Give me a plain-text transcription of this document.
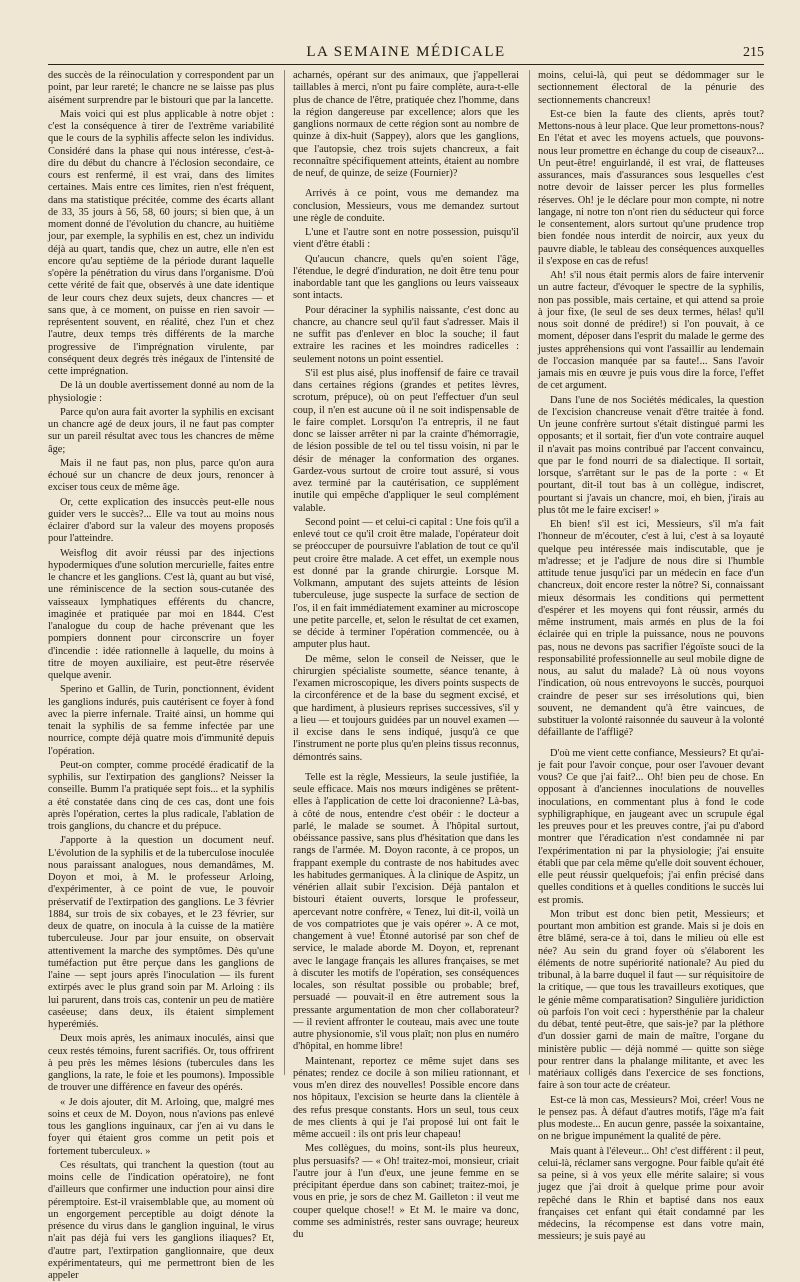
LA SEMAINE MÉDICALE	215

des succès de la réinoculation y correspondent par un point, par leur rareté; le chancre ne se laisse pas plus aisément surprendre par le bistouri que par la lancette.

Mais voici qui est plus applicable à notre objet : c'est la conséquence à tirer de l'extrême variabilité que le cours de la syphilis affecte selon les individus. Considéré dans la phase qui nous intéresse, c'est-à-dire du début du chancre à l'éclosion secondaire, ce cours est renfermé, il est vrai, dans des limites certaines. Mais entre ces limites, rien n'est fréquent, dans ma statistique précitée, comme des écarts allant de 33, 35 jours à 56, 58, 60 jours; si bien que, à un moment donné de l'évolution du chancre, au huitième jour, par exemple, la syphilis en est, chez un individu déjà au quart, tandis que, chez un autre, elle n'en est encore qu'au septième de la période durant laquelle s'opère la pénétration du virus dans l'organisme. D'où cette vérité de fait que, observés à une date identique de leur cours chez deux sujets, deux chancres — et sans que, à ce moment, on puisse en rien savoir — représentent souvent, en réalité, chez l'un et chez l'autre, deux temps très différents de la marche progressive de l'imprégnation virulente, par conséquent deux degrés très inégaux de l'intensité de cette imprégnation.

De là un double avertissement donné au nom de la physiologie :

Parce qu'on aura fait avorter la syphilis en excisant un chancre agé de deux jours, il ne faut pas compter sur un pareil résultat avec tous les chancres de même âge;

Mais il ne faut pas, non plus, parce qu'on aura échoué sur un chancre de deux jours, renoncer à exciser tous ceux de même âge.

Or, cette explication des insuccès peut-elle nous guider vers le succès?... Elle va tout au moins nous éclairer d'abord sur la valeur des moyens proposés pour l'atteindre.

Weisflog dit avoir réussi par des injections hypodermiques d'une solution mercurielle, faites entre le chancre et les ganglions. C'est là, quant au but visé, une réminiscence de la section sous-cutanée des vaisseaux lymphatiques efférents du chancre, imaginée et pratiquée par moi en 1844. C'est l'analogue du coup de hache prévenant que les pompiers donnent pour circonscrire un foyer d'incendie : idée rationnelle à laquelle, du moins à titre de moyen auxiliaire, est peut-être réservée quelque avenir.

Sperino et Gallin, de Turin, ponctionnent, évident les ganglions indurés, puis cautérisent ce foyer à fond avec la pierre infernale. Traité ainsi, un homme qui tenait la syphilis de sa femme infectée par une nourrice, compte déjà quatre mois d'immunité depuis l'opération.

Peut-on compter, comme procédé éradicatif de la syphilis, sur l'extirpation des ganglions? Neisser la conseille. Bumm l'a pratiquée sept fois... et la syphilis a été constatée dans cinq de ces cas, dont une fois après l'opération, certes la plus radicale, l'ablation de trois ganglions, du chancre et du prépuce.

J'apporte à la question un document neuf. L'évolution de la syphilis et de la tuberculose inoculée nous paraissant analogues, nous demandâmes, M. Doyon et moi, à M. le professeur Arloing, d'expérimenter, à ce point de vue, le pouvoir préservatif de l'extirpation des ganglions. Le 3 février 1884, sur trois de six cobayes, et le 23 février, sur deux de quatre, on inocula à la cuisse de la matière tuberculeuse. Jour par jour ensuite, on observait attentivement la marche des symptômes. Dès qu'une tuméfaction put être perçue dans les ganglions de l'aine — sept jours après l'inoculation — ils furent extirpés avec le plus grand soin par M. Arloing : ils lui parurent, dans trois cas, contenir un peu de matière caséeuse; dans deux, ils étaient simplement hyperémiés.

Deux mois après, les animaux inoculés, ainsi que ceux restés témoins, furent sacrifiés. Or, tous offrirent à peu près les mêmes lésions (tubercules dans les ganglions, la rate, le foie et les poumons). Impossible de trouver une différence en faveur des opérés.

« Je dois ajouter, dit M. Arloing, que, malgré mes soins et ceux de M. Doyon, nous n'avions pas enlevé tous les ganglions inguinaux, car j'en ai vu dans le foyer qui étaient gros comme un petit pois et fortement tuberculeux. »

Ces résultats, qui tranchent la question (tout au moins celle de l'indication opératoire), ne font d'ailleurs que confirmer une induction pour ainsi dire péremptoire. Est-il vraisemblable que, au moment où un engorgement perceptible au doigt dénote la présence du virus dans le ganglion inguinal, le virus n'ait pas déjà fui vers les ganglions iliaques? Et, d'autre part, l'extirpation ganglionnaire, que deux expérimentateurs, qui me permettront bien de les appeler

acharnés, opérant sur des animaux, que j'appellerai taillables à merci, n'ont pu faire complète, aura-t-elle plus de chance de l'être, pratiquée chez l'homme, dans la région dangereuse par excellence; alors que les ganglions normaux de cette région sont au nombre de quinze à dix-huit (Sappey), alors que les ganglions, que l'autopsie, chez trois sujets chancreux, a fait reconnaître spécifiquement atteints, étaient au nombre de neuf, de quinze, de seize (Fournier)?

Arrivés à ce point, vous me demandez ma conclusion, Messieurs, vous me demandez surtout une règle de conduite.

L'une et l'autre sont en notre possession, puisqu'il vient d'être établi :

Qu'aucun chancre, quels qu'en soient l'âge, l'étendue, le degré d'induration, ne doit être tenu pour inabordable tant que les ganglions ou leurs vaisseaux sont intacts.

Pour déraciner la syphilis naissante, c'est donc au chancre, au chancre seul qu'il faut s'adresser. Mais il ne suffit pas d'enlever en bloc la souche; il faut extraire les racines et les moindres radicelles : seulement notons un point essentiel.

S'il est plus aisé, plus inoffensif de faire ce travail dans certaines régions (grandes et petites lèvres, scrotum, prépuce), où on peut l'effectuer d'un seul coup, il n'en est aucune où il ne soit indispensable de le faire complet. Lorsqu'on l'a entrepris, il ne faut donc se laisser arrêter ni par la crainte d'hémorragie, de lésion possible de tel ou tel tissu voisin, ni par le désir de ménager la conformation des organes. Gardez-vous surtout de croire tout assuré, si vous avez terminé par la cautérisation, ce supplément inutile qui empêche d'appliquer le seul complément valable.

Second point — et celui-ci capital : Une fois qu'il a enlevé tout ce qu'il croit être malade, l'opérateur doit se préoccuper de poursuivre l'ablation de tout ce qu'il peut croire être malade. A cet effet, un exemple nous est donné par la grande chirurgie. Lorsque M. Volkmann, amputant des sujets atteints de lésion tuberculeuse, juge suspecte la surface de section de l'os, il en fait immédiatement examiner au microscope une petite parcelle, et, selon le résultat de cet examen, se décide à terminer l'opération commencée, ou à amputer plus haut.

De même, selon le conseil de Neisser, que le chirurgien spécialiste soumette, séance tenante, à l'examen microscopique, les divers points suspects de la circonférence et de la base du segment excisé, et que hardiment, à plusieurs reprises successives, s'il y a lieu — et toujours guidées par un nouvel examen — il excise dans le sens indiqué, jusqu'à ce que l'instrument ne porte plus qu'en pleins tissus reconnus, démontrés sains.

Telle est la règle, Messieurs, la seule justifiée, la seule efficace. Mais nos mœurs indigènes se prêtent-elles à l'application de cette loi draconienne? Là-bas, à côté de nous, entendre c'est obéir : le docteur a parlé, le malade se soumet. À l'hôpital surtout, obéissance passive, sans plus d'hésitation que dans les rangs de l'armée. M. Doyon raconte, à ce propos, un frappant exemple du contraste de nos habitudes avec les habitudes germaniques. À la clinique de Aspitz, un vénérien allait subir l'excision. Déjà pantalon et bistouri étaient ouverts, lorsque le professeur, apercevant notre confrère, « Tenez, lui dit-il, voilà un de vos compatriotes que je vais opérer ». A ce mot, changement à vue! Étonné autorisé par son chef de service, le malade aborde M. Doyon, et, reprenant avec le langage français les allures françaises, se met à discuter les motifs de l'opération, ses conséquences locales, son résultat possible ou probable; bref, persuadé — pouvait-il en être autrement sous la pressante argumentation de mon cher collaborateur? — il revient affronter le couteau, mais avec une toute autre physionomie, s'il vous plaît; non plus en numéro d'hôpital, en homme libre!

Maintenant, reportez ce même sujet dans ses pénates; rendez ce docile à son milieu rationnant, et vous m'en direz des nouvelles! Possible encore dans nos hôpitaux, l'excision se heurte dans la clientèle à des refus presque constants. Hors un seul, tous ceux de mes clients à qui je l'ai proposé lui ont fait le même accueil : ils ont pris leur chapeau!

Mes collègues, du moins, sont-ils plus heureux, plus persuasifs? — « Oh! traitez-moi, monsieur, criait l'autre jour à l'un d'eux, une jeune femme en se précipitant éperdue dans son cabinet; traitez-moi, je vous en prie, je sors de chez M. Gailleton : il veut me couper quelque chose!! » Et M. le maire va donc, comme ses administrés, rester sans ouvrage; heureux du

moins, celui-là, qui peut se dédommager sur le sectionnement électoral de la pénurie des sectionnements chancreux!

Est-ce bien la faute des clients, après tout? Mettons-nous à leur place. Que leur promettons-nous? En l'état et avec les moyens actuels, que pouvons-nous leur promettre en échange du coup de ciseaux?... Un peut-être! enguirlandé, il est vrai, de flatteuses assurances, mais d'assurances sous lesquelles c'est notre devoir de laisser percer les plus formelles réserves. Oh! je le déclare pour mon compte, ni notre langage, ni notre ton n'ont rien du séducteur qui force le consentement, alors surtout qu'une prudence trop bien fondée nous interdit de noircir, aux yeux du pauvre diable, le tableau des conséquences auxquelles il s'expose en cas de refus!

Ah! s'il nous était permis alors de faire intervenir un autre facteur, d'évoquer le spectre de la syphilis, non pas possible, mais certaine, et qui attend sa proie à jour fixe, (le seul de ses deux termes, hélas! qu'il nous soit donné de prédire!) si l'on pouvait, à ce moment, déposer dans l'esprit du malade le germe des justes appréhensions qui vont l'assaillir au lendemain de l'occasion manquée par sa faute!... Sans l'avoir jamais mis en œuvre je puis vous dire la force, l'effet de cet argument.

Dans l'une de nos Sociétés médicales, la question de l'excision chancreuse venait d'être traitée à fond. Un jeune confrère surtout s'était distingué parmi les opposants; et il sortait, fier d'un vote contraire auquel il n'avait pas moins contribué par l'accent convaincu, que par le fond nourri de sa dialectique. Il sortait, lorsque, s'arrêtant sur le pas de la porte : « Et pourtant, dit-il tout bas à un collègue, indiscret, pourtant si j'avais un chancre, moi, eh bien, j'irais au plus tôt me le faire exciser! »

Eh bien! s'il est ici, Messieurs, s'il m'a fait l'honneur de m'écouter, c'est à lui, c'est à sa loyauté quelque peu intéressée mais indiscutable, que je m'adresse; et je l'adjure de nous dire si l'humble attitude tenue jusqu'ici par un médecin en face d'un chancreux, doit encore rester la nôtre? Si, connaissant mieux désormais les conditions qui permettent d'espérer et les moyens qui font réussir, armés du même instrument, mais armés en plus de la foi éclairée qui en triple la puissance, nous ne pouvons pas, nous ne devons pas sacrifier l'égoïste souci de la responsabilité professionnelle au seul mobile digne de nous, au salut du malade? Là où nous voyons l'indication, où nous entrevoyons le succès, pourquoi craindre de peser sur ses irrésolutions qui, bien souvent, ne demandent qu'à être vaincues, de substituer la volonté raisonnée du sauveur à la volonté défaillante de l'affligé?

D'où me vient cette confiance, Messieurs? Et qu'ai-je fait pour l'avoir conçue, pour oser l'avouer devant vous? Ce que j'ai fait?... Oh! bien peu de chose. En opposant à d'anciennes inoculations de nouvelles inoculations, en commentant plus à fond le code syphiligraphique, en jaugeant avec un scrupule égal les preuves pour et les preuves contre, j'ai pu d'abord montrer que l'éradication n'est condamnée ni par l'expérimentation ni par la physiologie; j'ai ensuite établi que par cela même qu'elle doit souvent échouer, elle peut réussir quelquefois; j'ai enfin précisé dans quelles conditions et à quelles conditions le succès lui est promis.

Mon tribut est donc bien petit, Messieurs; et pourtant mon ambition est grande. Mais si je dois en être blâmé, sera-ce à toi, dans le milieu où elle est née? Au sein du grand foyer où s'élaborent les éléments de notre supériorité nationale? Au pied du tribunal, à la barre duquel il faut — sur réquisitoire de la critique, — que tous les travailleurs exotiques, que le génie même comparatisation? Singulière juridiction où parfois l'on voit ceci : hypersthénie par la chaleur du débat, tenté peut-être, que sais-je? par la pléthore d'un dossier garni de main de maître, l'organe du ministère public — déjà nommé — quitte son siège pour rentrer dans la phalange militante, et avec les matériaux colligés dans l'exercice de ses fonctions, faire à son tour acte de créateur.

Est-ce là mon cas, Messieurs? Moi, créer! Vous ne le pensez pas. À défaut d'autres motifs, l'âge m'a fait plus modeste... En aucun genre, passée la soixantaine, on ne brigue impunément la qualité de père.

Mais quant à l'éleveur... Oh! c'est différent : il peut, celui-là, réclamer sans vergogne. Pour faible qu'ait été sa peine, si à vos yeux elle mérite salaire; si vous jugez que j'ai droit à quelque prime pour avoir repêché dans le Rhin et baptisé dans nos eaux françaises cet enfant qui était condamné par les médecins, la récompense est dans votre main, messieurs; je suis payé au
